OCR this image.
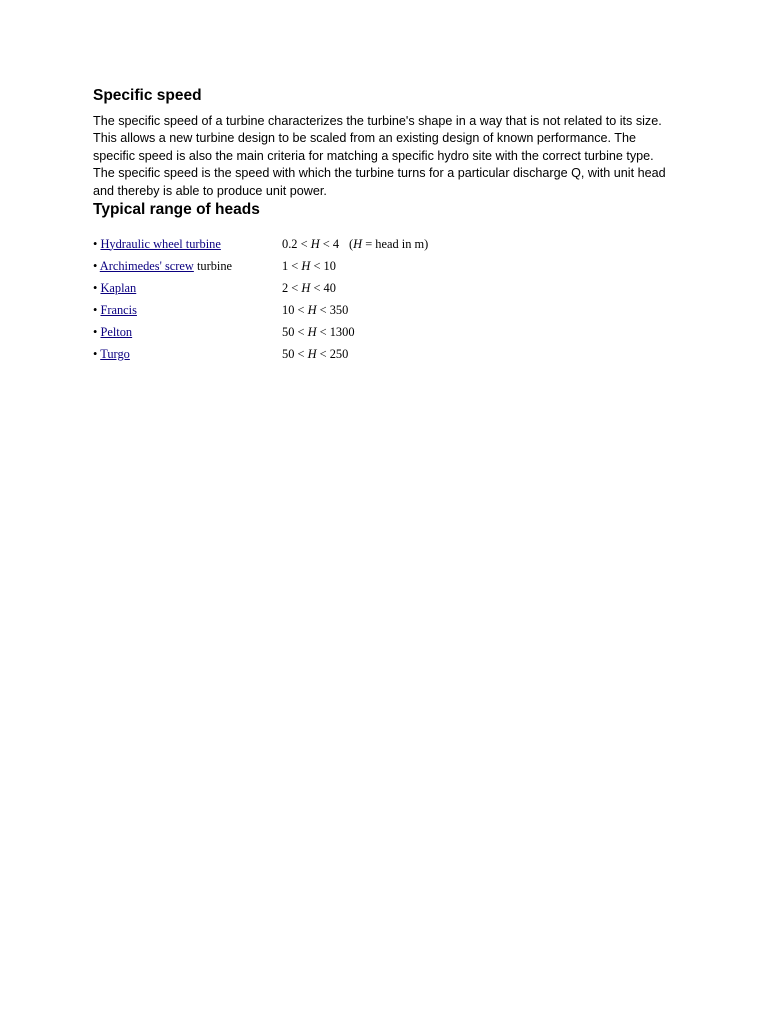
Specific speed

The specific speed of a turbine characterizes the turbine's shape in a way that is not related to its size. This allows a new turbine design to be scaled from an existing design of known performance. The specific speed is also the main criteria for matching a specific hydro site with the correct turbine type. The specific speed is the speed with which the turbine turns for a particular discharge Q, with unit head and thereby is able to produce unit power.

Typical range of heads
• Hydraulic wheel turbine	0.2 < H < 4 (H = head in m)
• Archimedes' screw turbine	1 < H < 10
• Kaplan	2 < H < 40
• Francis	10 < H < 350
• Pelton	50 < H < 1300
• Turgo	50 < H < 250
